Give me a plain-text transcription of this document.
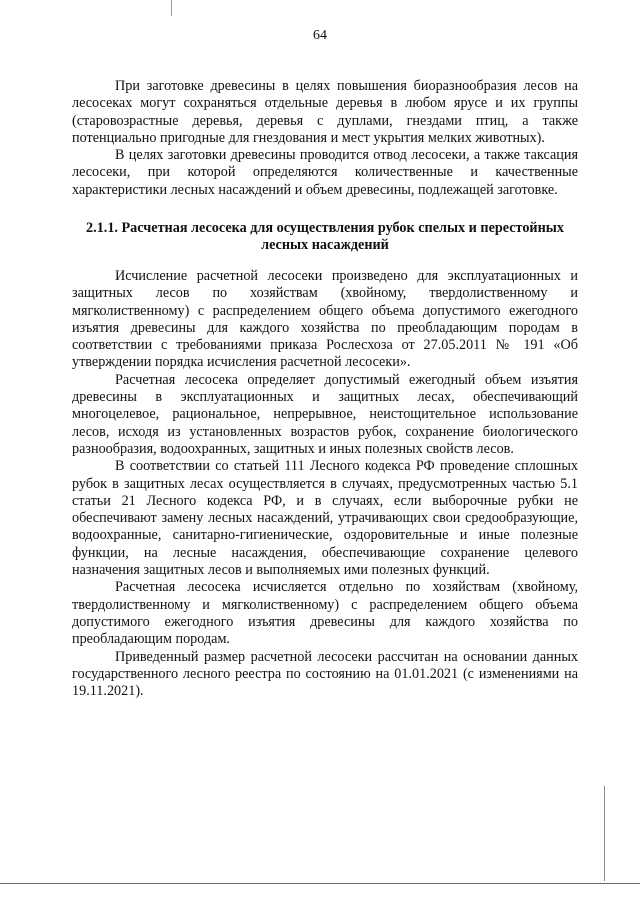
64

При заготовке древесины в целях повышения биоразнообразия лесов на лесосеках могут сохраняться отдельные деревья в любом ярусе и их группы (старовозрастные деревья, деревья с дуплами, гнездами птиц, а также потенциально пригодные для гнездования и мест укрытия мелких животных).

В целях заготовки древесины проводится отвод лесосеки, а также таксация лесосеки, при которой определяются количественные и качественные характеристики лесных насаждений и объем древесины, подлежащей заготовке.

2.1.1. Расчетная лесосека для осуществления рубок спелых и перестойных
лесных насаждений

Исчисление расчетной лесосеки произведено для эксплуатационных и защитных лесов по хозяйствам (хвойному, твердолиственному и мягколиственному) с распределением общего объема допустимого ежегодного изъятия древесины для каждого хозяйства по преобладающим породам в соответствии с требованиями приказа Рослесхоза от 27.05.2011 № 191 «Об утверждении порядка исчисления расчетной лесосеки».

Расчетная лесосека определяет допустимый ежегодный объем изъятия древесины в эксплуатационных и защитных лесах, обеспечивающий многоцелевое, рациональное, непрерывное, неистощительное использование лесов, исходя из установленных возрастов рубок, сохранение биологического разнообразия, водоохранных, защитных и иных полезных свойств лесов.

В соответствии со статьей 111 Лесного кодекса РФ проведение сплошных рубок в защитных лесах осуществляется в случаях, предусмотренных частью 5.1 статьи 21 Лесного кодекса РФ, и в случаях, если выборочные рубки не обеспечивают замену лесных насаждений, утрачивающих свои средообразующие, водоохранные, санитарно-гигиенические, оздоровительные и иные полезные функции, на лесные насаждения, обеспечивающие сохранение целевого назначения защитных лесов и выполняемых ими полезных функций.

Расчетная лесосека исчисляется отдельно по хозяйствам (хвойному, твердолиственному и мягколиственному) с распределением общего объема допустимого ежегодного изъятия древесины для каждого хозяйства по преобладающим породам.

Приведенный размер расчетной лесосеки рассчитан на основании данных государственного лесного реестра по состоянию на 01.01.2021 (с изменениями на 19.11.2021).
